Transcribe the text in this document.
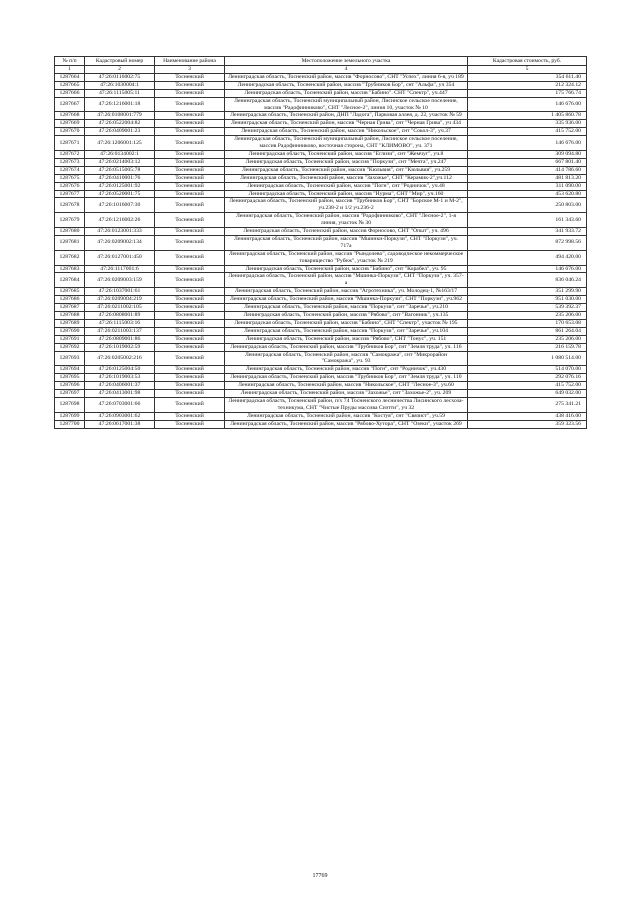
№ п/п	Кадастровый номер	Наименование района	Местоположение земельного участка	Кадастровая стоимость, руб.
1	2	3	4	5
1287664	47:26:0116002:75	Тосненский	Ленинградская область, Тосненский район, массив "Форносово", СНТ "Успех", линия 6-я, уч 189	354 611.40
1287665	47:26:1030004:1	Тосненский	Ленинградская область, Тосненский район, массив "Трубников Бор", снт "Альфа", уч 354	212 324.12
1287666	47:26:1115005:11	Тосненский	Ленинградская область, Тосненский район, массив "Бабино". СНТ "Спектр", уч.447	175 766.74
1287667	47:26:1216001:18	Тосненский	Ленинградская область, Тосненский муниципальный район, Лисинское сельское поселение, массив "Радофинниково", СНТ "Лесное-2", линия 10, участок № 10	146 676.00
1287668	47:26:0108001:779	Тосненский	Ленинградская область, Тосненский район, ДНП "Ладога", Парковая аллея, д. 22, участок № 59	1 405 860.78
1287669	47:26:0522004:82	Тосненский	Ленинградская область, Тосненский район, массив "Черная Грива", снт "Черная Грива", уч 434	335 936.00
1287670	47:26:0409001:23	Тосненский	Ленинградская область, Тосненский район, массив "Никольское", снт "Сокол-3", уч.37	415 752.00
1287671	47:26:1206001:125	Тосненский	Ленинградская область, Тосненский муниципальный район, Лисинское сельское поселение, массив Радофинниково, восточная сторона, СНТ "КЛИМОВО", уч. 371	146 676.00
1287672	47:26:0134002:1	Тосненский	Ленинградская область, Тосненский район, массив "Еглизи", снт "Жемчуг", уч.8	309 094.80
1287673	47:26:0214003:12	Тосненский	Ленинградская область, Тосненский район, массив "Поркузи", снт "Мечта", уч.247	667 801.40
1287674	47:26:0515005:78	Тосненский	Ленинградская область, Тосненский район, массив "Кюльвия", снт "Кюльвия", уч.259	414 786.60
1287675	47:26:0410001:76	Тосненский	Ленинградская область, Тосненский район, массив "Захожье", СНТ "Керамик-2",уч.112	481 813.20
1287676	47:26:0125001:92	Тосненский	Ленинградская область, Тосненский район, массив "Погн", снт "Родничок", уч.48	311 090.00
1287677	47:26:0520001:75	Тосненский	Ленинградская область, Тосненский район, массив "Нурма", СНТ "Мир", уч.160	453 620.80
1287678	47:26:1016007:30	Тосненский	Ленинградская область, Тосненский район, массив "Трубников Бор", СНТ "Борское М-1 и М-2", уч.238-2 и 1/2 уч.236-2	250 803.00
1287679	47:26:1216002:26	Тосненский	Ленинградская область, Тосненский район, массив "Радофинниково", СНТ "Лесное-2", 1-я линия, участок № 30	161 343.60
1287680	47:26:0123001:333	Тосненский	Ленинградская область, Тосненский район, массив Форносово, СНТ "Опыт", уч. 496	341 933.72
1287681	47:26:0209002:134	Тосненский	Ленинградская область, Тосненский район, массив "Мшинки-Поркузи", СНТ "Поркузи", уч. 717а	872 998.56
1287682	47:26:0127001:450	Тосненский	Ленинградская область, Тосненский район, массив "Рындолево", садоводческое некоммерческое товарищество "Рубеж", участок № 219	494 420.00
1287683	47:26:1117001:6	Тосненский	Ленинградская область, Тосненский район, массив "Бабино", снт "Корабел", уч. 95	146 676.00
1287684	47:26:0209003:159	Тосненский	Ленинградская область, Тосненский район, массив "Мшинка-Поркузи", СНТ "Поркузи", уч. 357-а	836 046.24
1287685	47:26:1037001:61	Тосненский	Ленинградская область, Тосненский район, массив "Агротехника", уч. Молодец-1, №163/17	351 299.90
1287686	47:26:0209004:219	Тосненский	Ленинградская область, Тосненский район, массив "Мшинка-Поркузи", СНТ "Поркузи", уч.962	951 030.00
1287687	47:26:0211002:105	Тосненский	Ленинградская область, Тосненский район, массив "Поркузи", снт "Заречье", уч.210	539 392.37
1287688	47:26:0808001:89	Тосненский	Ленинградская область, Тосненский район, массив "Рябово", снт "Вагонник", уч.135	235 206.00
1287689	47:26:1115003:16	Тосненский	Ленинградская область, Тосненский район, массив "Бабино", СНТ "Спектр", участок № 195	170 653.08
1287690	47:26:0211003:137	Тосненский	Ленинградская область, Тосненский район, массив "Поркузи", снт "Заречье", уч.104	861 264.04
1287691	47:26:0809001:86	Тосненский	Ленинградская область, Тосненский район, массив "Рябово", СНТ "Тонус", уч. 151	235 206.00
1287692	47:26:1019002:59	Тосненский	Ленинградская область, Тосненский район, массив "Трубников Бор", снт "Земля труда", уч. 116	216 159.78
1287693	47:26:0205002:216	Тосненский	Ленинградская область, Тосненский район, массив "Самокража", снт "Микрорайон "Самокража", уч. 93	1 080 514.00
1287694	47:26:0125004:50	Тосненский	Ленинградская область, Тосненский район, массив "Погн", снт "Родничок", уч.430	514 070.00
1287695	47:26:1019003:53	Тосненский	Ленинградская область, Тосненский район, массив "Трубников Бор", снт "Земля труда", уч. 110	292 076.16
1287696	47:26:0406001:37	Тосненский	Ленинградская область, Тосненский район, массив "Никольское", СНТ "Лесное-3", уч.60	415 752.00
1287697	47:26:0413001:98	Тосненский	Ленинградская область, Тосненский район, массив "Захожье", снт "Захожье-2", уч. 209	649 032.00
1287698	47:26:0703001:66	Тосненский	Ленинградская область, Тосненский район, п/х 74 Тосненского лесничества Лисинского лесхоза-техникума, СНТ "Чистые Пруды массива Сиэтти", уч 32	275 341.21
1287699	47:26:0903001:62	Тосненский	Ленинградская область, Тосненский район, массив "Костуя", снт "Связист", уч.59	438 416.00
1287700	47:26:0617001:38	Тосненский	Ленинградская область, Тосненский район, массив "Рябово-Хутора", СНТ "Озеки", участок 269	359 323.56
17769
